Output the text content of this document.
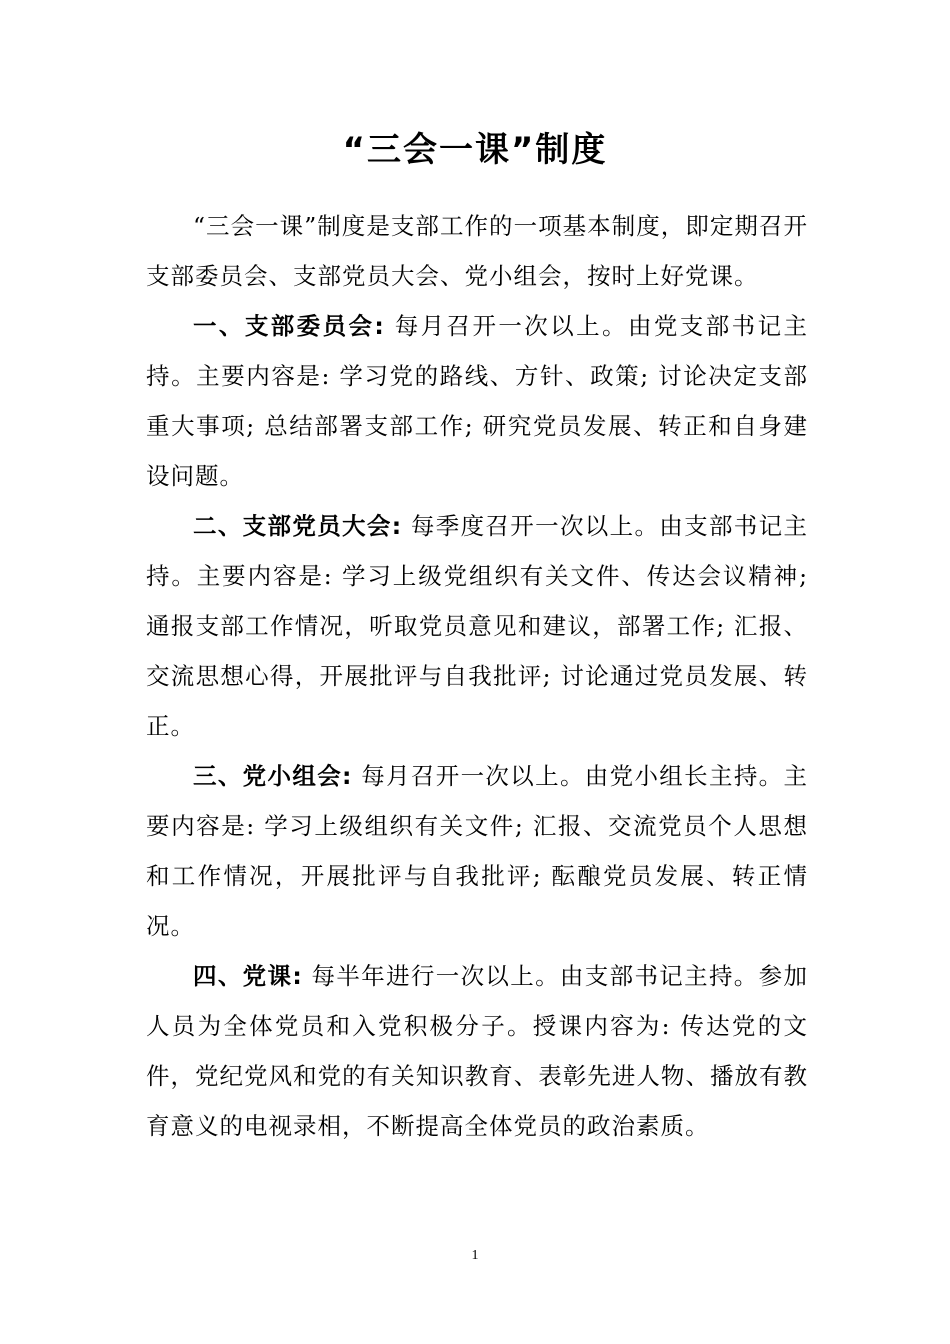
“三会一课”制度

“三会一课”制度是支部工作的一项基本制度，即定期召开支部委员会、支部党员大会、党小组会，按时上好党课。

一、支部委员会: 每月召开一次以上。由党支部书记主持。主要内容是: 学习党的路线、方针、政策; 讨论决定支部重大事项; 总结部署支部工作; 研究党员发展、转正和自身建设问题。

二、支部党员大会: 每季度召开一次以上。由支部书记主持。主要内容是: 学习上级党组织有关文件、传达会议精神; 通报支部工作情况，听取党员意见和建议，部署工作; 汇报、交流思想心得，开展批评与自我批评; 讨论通过党员发展、转正。

三、党小组会: 每月召开一次以上。由党小组长主持。主要内容是: 学习上级组织有关文件; 汇报、交流党员个人思想和工作情况，开展批评与自我批评; 酝酿党员发展、转正情况。

四、党课: 每半年进行一次以上。由支部书记主持。参加人员为全体党员和入党积极分子。授课内容为: 传达党的文件，党纪党风和党的有关知识教育、表彰先进人物、播放有教育意义的电视录相，不断提高全体党员的政治素质。

1
